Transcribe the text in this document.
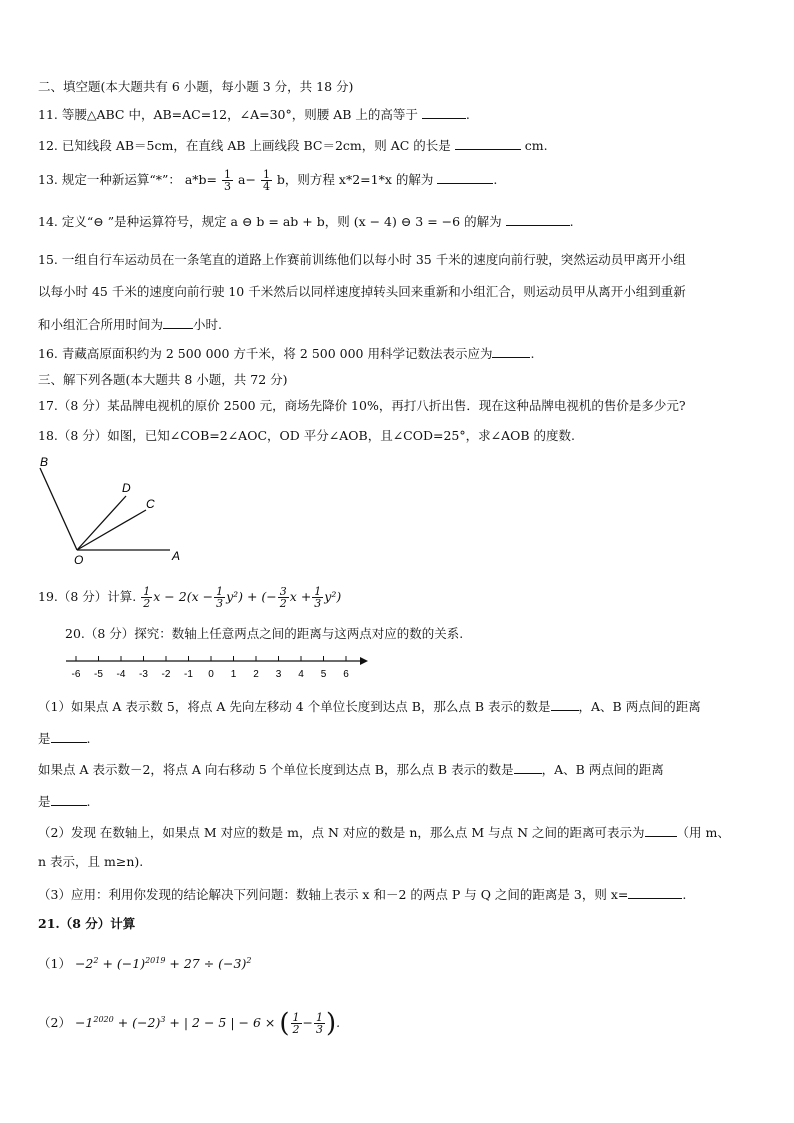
二、填空题(本大题共有 6 小题，每小题 3 分，共 18 分)
11. 等腰△ABC 中，AB=AC=12，∠A=30°，则腰 AB 上的高等于	.
12. 已知线段 AB＝5cm，在直线 AB 上画线段 BC＝2cm，则 AC 的长是	cm.
13. 规定一种新运算“*”： $a*b= \frac{1}{3} a- \frac{1}{4}$ b，则方程 x*2=1*x 的解为	.
14. 定义“⊖ ”是种运算符号，规定 a ⊖ b = ab + b，则 (x − 4) ⊖ 3 = −6 的解为	.
15. 一组自行车运动员在一条笔直的道路上作赛前训练他们以每小时 35 千米的速度向前行驶，突然运动员甲离开小组
以每小时 45 千米的速度向前行驶 10 千米然后以同样速度掉转头回来重新和小组汇合，则运动员甲从离开小组到重新
和小组汇合所用时间为 小时.
16. 青藏高原面积约为 2 500 000 方千米，将 2 500 000 用科学记数法表示应为	.
三、解下列各题(本大题共 8 小题，共 72 分)
17.（8 分）某品牌电视机的原价 2500 元，商场先降价 10%，再打八折出售．现在这种品牌电视机的售价是多少元?
18.（8 分）如图，已知∠COB=2∠AOC，OD 平分∠AOB，且∠COD=25°，求∠AOB 的度数.
B
D
C
O	A
19.（8 分）计算. $\frac{1}{2}$ $x - 2(x - \frac{1}{3} y^2)$ + (− $\frac{3}{2}$ $x + \frac{1}{3} y^2$)
20.（8 分）探究：数轴上任意两点之间的距离与这两点对应的数的关系.
-6 -5 -4 -3 -2 -1 0 1 2 3 4 5 6
（1）如果点 A 表示数 5，将点 A 先向左移动 4 个单位长度到达点 B，那么点 B 表示的数是 ，A、B 两点间的距离
是	.
如果点 A 表示数－2，将点 A 向右移动 5 个单位长度到达点 B，那么点 B 表示的数是 ，A、B 两点间的距离
是	.
（2）发现 在数轴上，如果点 M 对应的数是 m，点 N 对应的数是 n，那么点 M 与点 N 之间的距离可表示为	（用 m、
n 表示，且 m≥n).
（3）应用：利用你发现的结论解决下列问题：数轴上表示 x 和－2 的两点 P 与 Q 之间的距离是 3，则 x=	.
21.（8 分）计算
$(1) -2^2 + (-1)^{2019} + 27 \div (-3)^2$
$(2) -1^{2020} + (-2)^3$ + | 2 − 5 | − 6 × ( $\frac{1}{2} - \frac{1}{3}$ ).
